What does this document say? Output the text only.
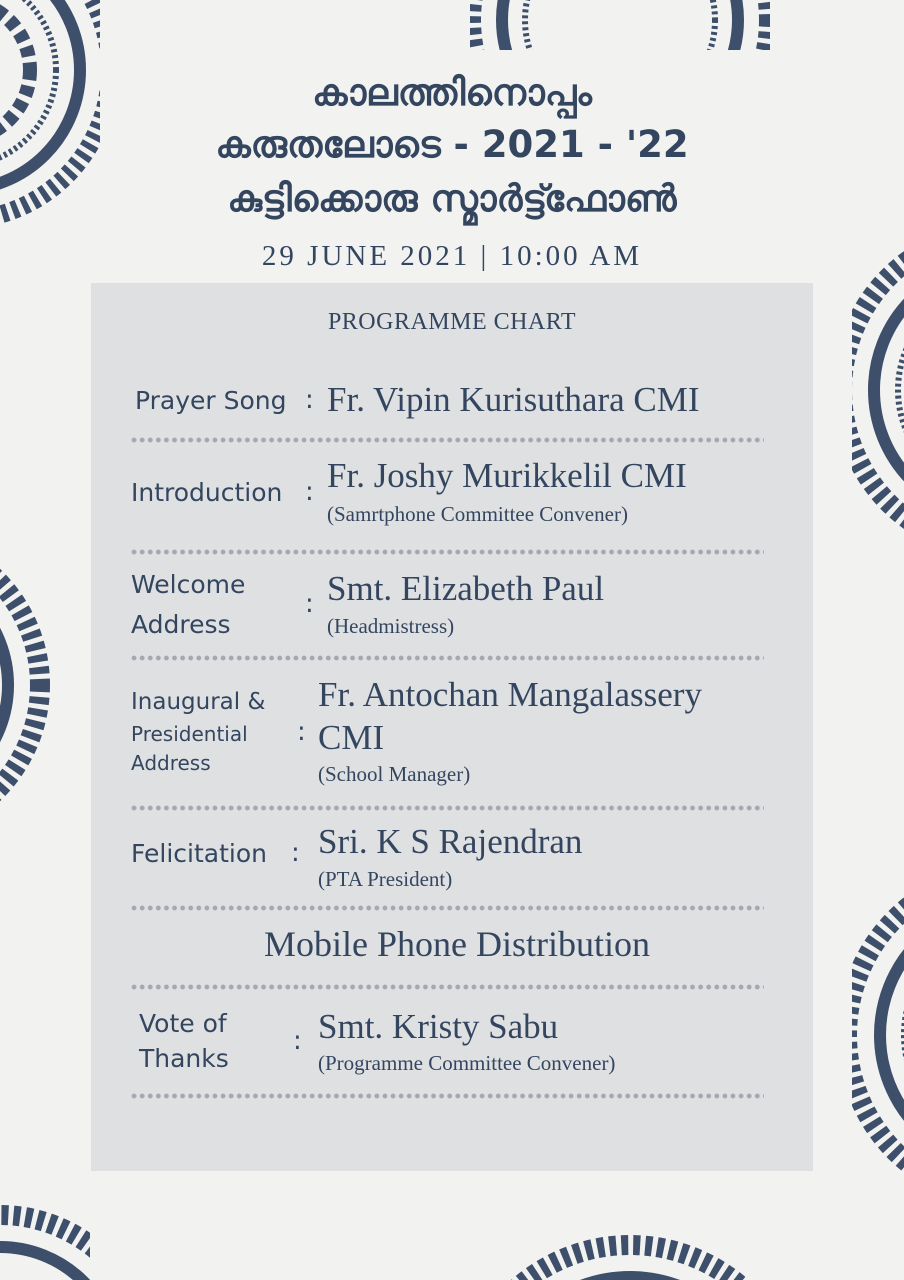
കാലത്തിനൊപ്പം
കരുതലോടെ - 2021 - '22
കുട്ടിക്കൊരു സ്മാർട്ട്ഫോൺ
29 JUNE 2021 | 10:00 AM
PROGRAMME CHART
Prayer Song : Fr. Vipin Kurisuthara CMI
Introduction : Fr. Joshy Murikkelil CMI
(Samrtphone Committee Convener)
Welcome
Address
: Smt. Elizabeth Paul
(Headmistress)
Inaugural &
Presidential
Address
:
Fr. Antochan Mangalassery
CMI
(School Manager)
Felicitation : Sri. K S Rajendran
(PTA President)
Mobile Phone Distribution
Vote of
Thanks
: Smt. Kristy Sabu
(Programme Committee Convener)
